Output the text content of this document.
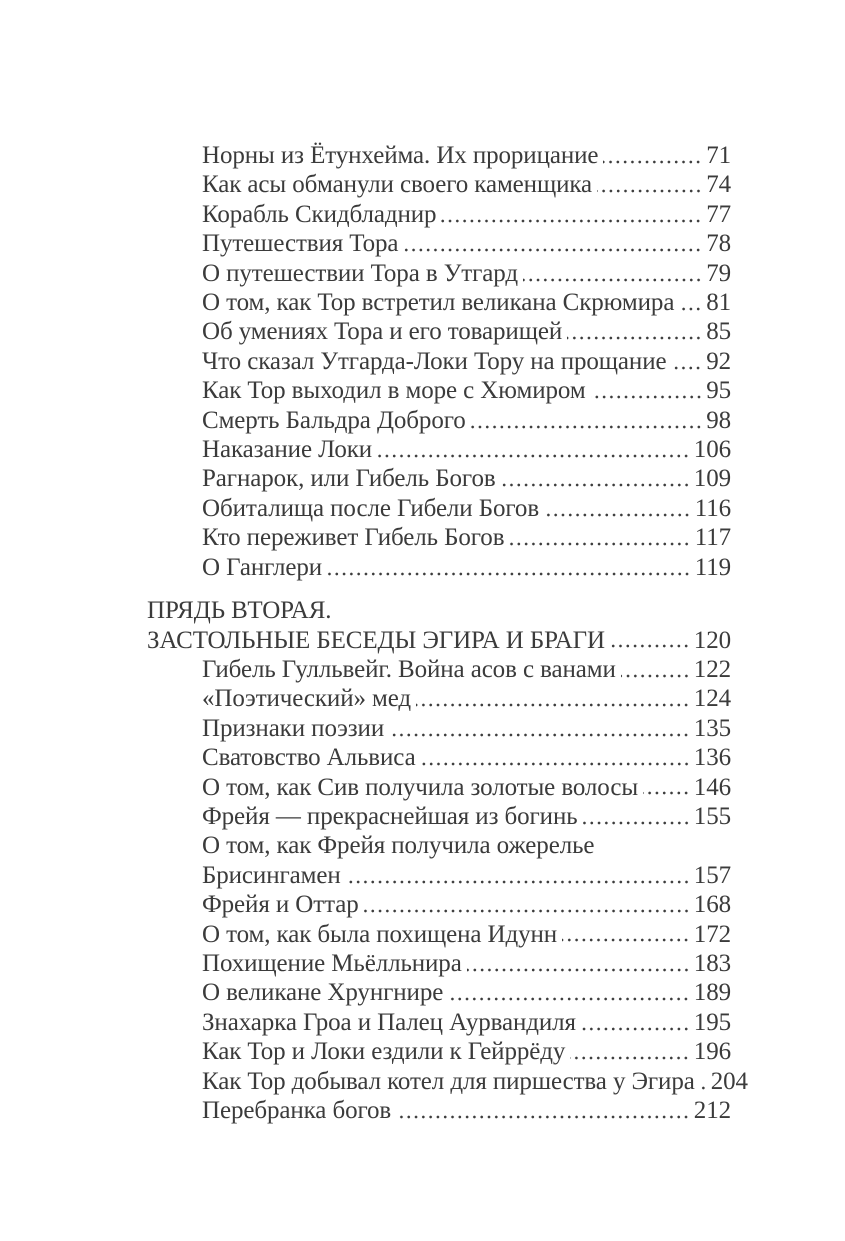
Норны из Ётунхейма. Их прорицание	71
Как асы обманули своего каменщика	74
Корабль Скидбладнир	77
Путешествия Тора	78
О путешествии Тора в Утгард	79
О том, как Тор встретил великана Скрюмира 81
Об умениях Тора и его товарищей	85
Что сказал Утгарда-Локи Тору на прощание 92
Как Тор выходил в море с Хюмиром	95
Смерть Бальдра Доброго	98
Наказание Локи	106
Рагнарок, или Гибель Богов	109
Обиталища после Гибели Богов	116
Кто переживет Гибель Богов	117
О Ганглери	119
ПРЯДЬ ВТОРАЯ.
ЗАСТОЛЬНЫЕ БЕСЕДЫ ЭГИРА И БРАГИ	120
Гибель Гулльвейг. Война асов с ванами	122
«Поэтический» мед	124
Признаки поэзии	135
Сватовство Альвиса	136
О том, как Сив получила золотые волосы 146
Фрейя — прекраснейшая из богинь	155
О том, как Фрейя получила ожерелье
Брисингамен	157
Фрейя и Оттар	168
О том, как была похищена Идунн	172
Похищение Мьёлльнира	183
О великане Хрунгнире	189
Знахарка Гроа и Палец Аурвандиля	195
Как Тор и Локи ездили к Гейррёду	196
Как Тор добывал котел для пиршества у Эгира 204
Перебранка богов	212
